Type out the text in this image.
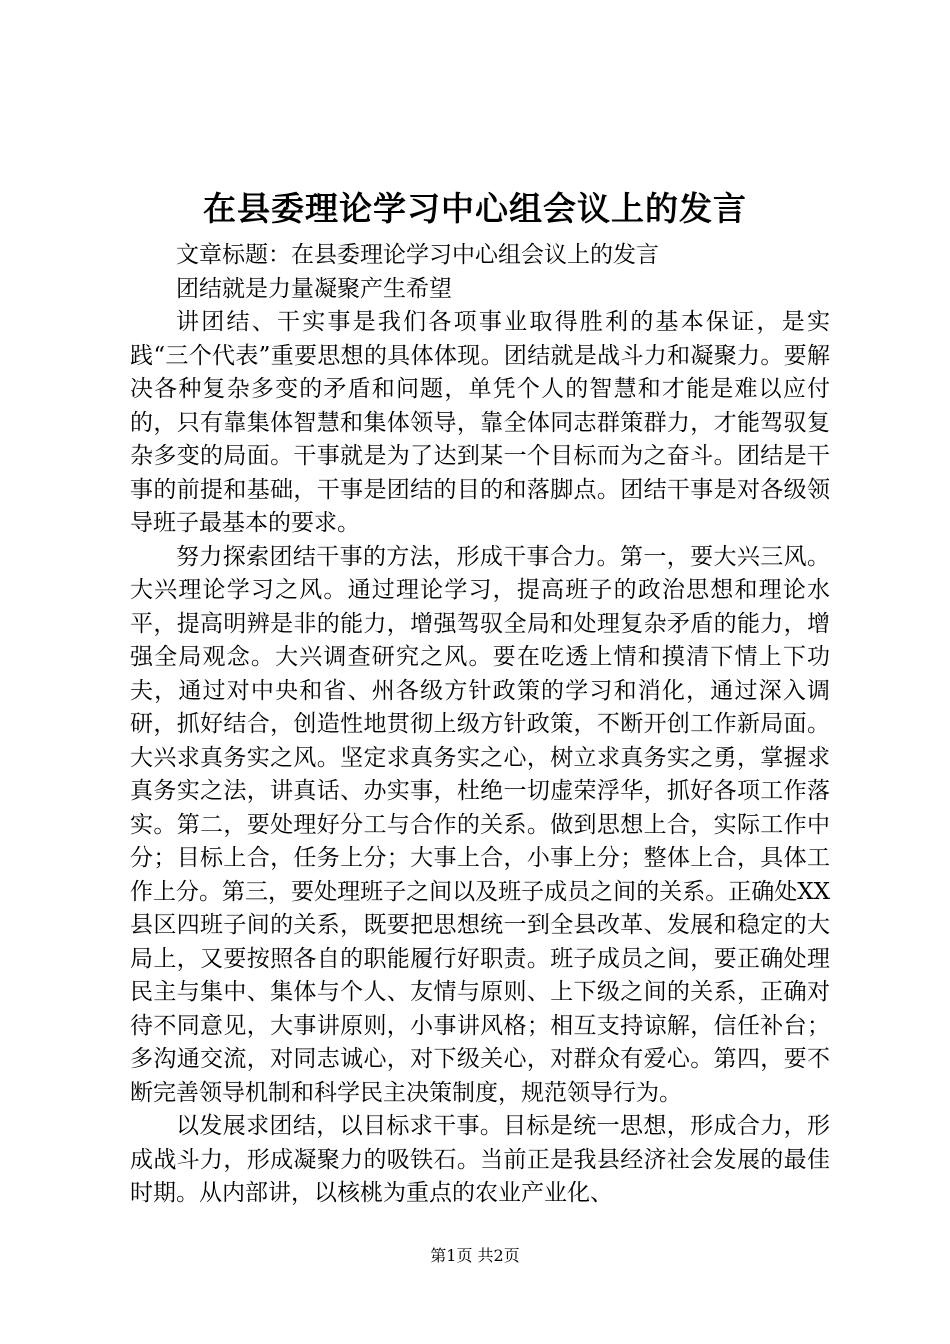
在县委理论学习中心组会议上的发言

文章标题：在县委理论学习中心组会议上的发言

团结就是力量凝聚产生希望

讲团结、干实事是我们各项事业取得胜利的基本保证，是实践“三个代表”重要思想的具体体现。团结就是战斗力和凝聚力。要解决各种复杂多变的矛盾和问题，单凭个人的智慧和才能是难以应付的，只有靠集体智慧和集体领导，靠全体同志群策群力，才能驾驭复杂多变的局面。干事就是为了达到某一个目标而为之奋斗。团结是干事的前提和基础，干事是团结的目的和落脚点。团结干事是对各级领导班子最基本的要求。

努力探索团结干事的方法，形成干事合力。第一，要大兴三风。大兴理论学习之风。通过理论学习，提高班子的政治思想和理论水平，提高明辨是非的能力，增强驾驭全局和处理复杂矛盾的能力，增强全局观念。大兴调查研究之风。要在吃透上情和摸清下情上下功夫，通过对中央和省、州各级方针政策的学习和消化，通过深入调研，抓好结合，创造性地贯彻上级方针政策，不断开创工作新局面。大兴求真务实之风。坚定求真务实之心，树立求真务实之勇，掌握求真务实之法，讲真话、办实事，杜绝一切虚荣浮华，抓好各项工作落实。第二，要处理好分工与合作的关系。做到思想上合，实际工作中分；目标上合，任务上分；大事上合，小事上分；整体上合，具体工作上分。第三，要处理班子之间以及班子成员之间的关系。正确处XX县区四班子间的关系，既要把思想统一到全县改革、发展和稳定的大局上，又要按照各自的职能履行好职责。班子成员之间，要正确处理民主与集中、集体与个人、友情与原则、上下级之间的关系，正确对待不同意见，大事讲原则，小事讲风格；相互支持谅解，信任补台；多沟通交流，对同志诚心，对下级关心，对群众有爱心。第四，要不断完善领导机制和科学民主决策制度，规范领导行为。

以发展求团结，以目标求干事。目标是统一思想，形成合力，形成战斗力，形成凝聚力的吸铁石。当前正是我县经济社会发展的最佳时期。从内部讲，以核桃为重点的农业产业化、

第1页 共2页
